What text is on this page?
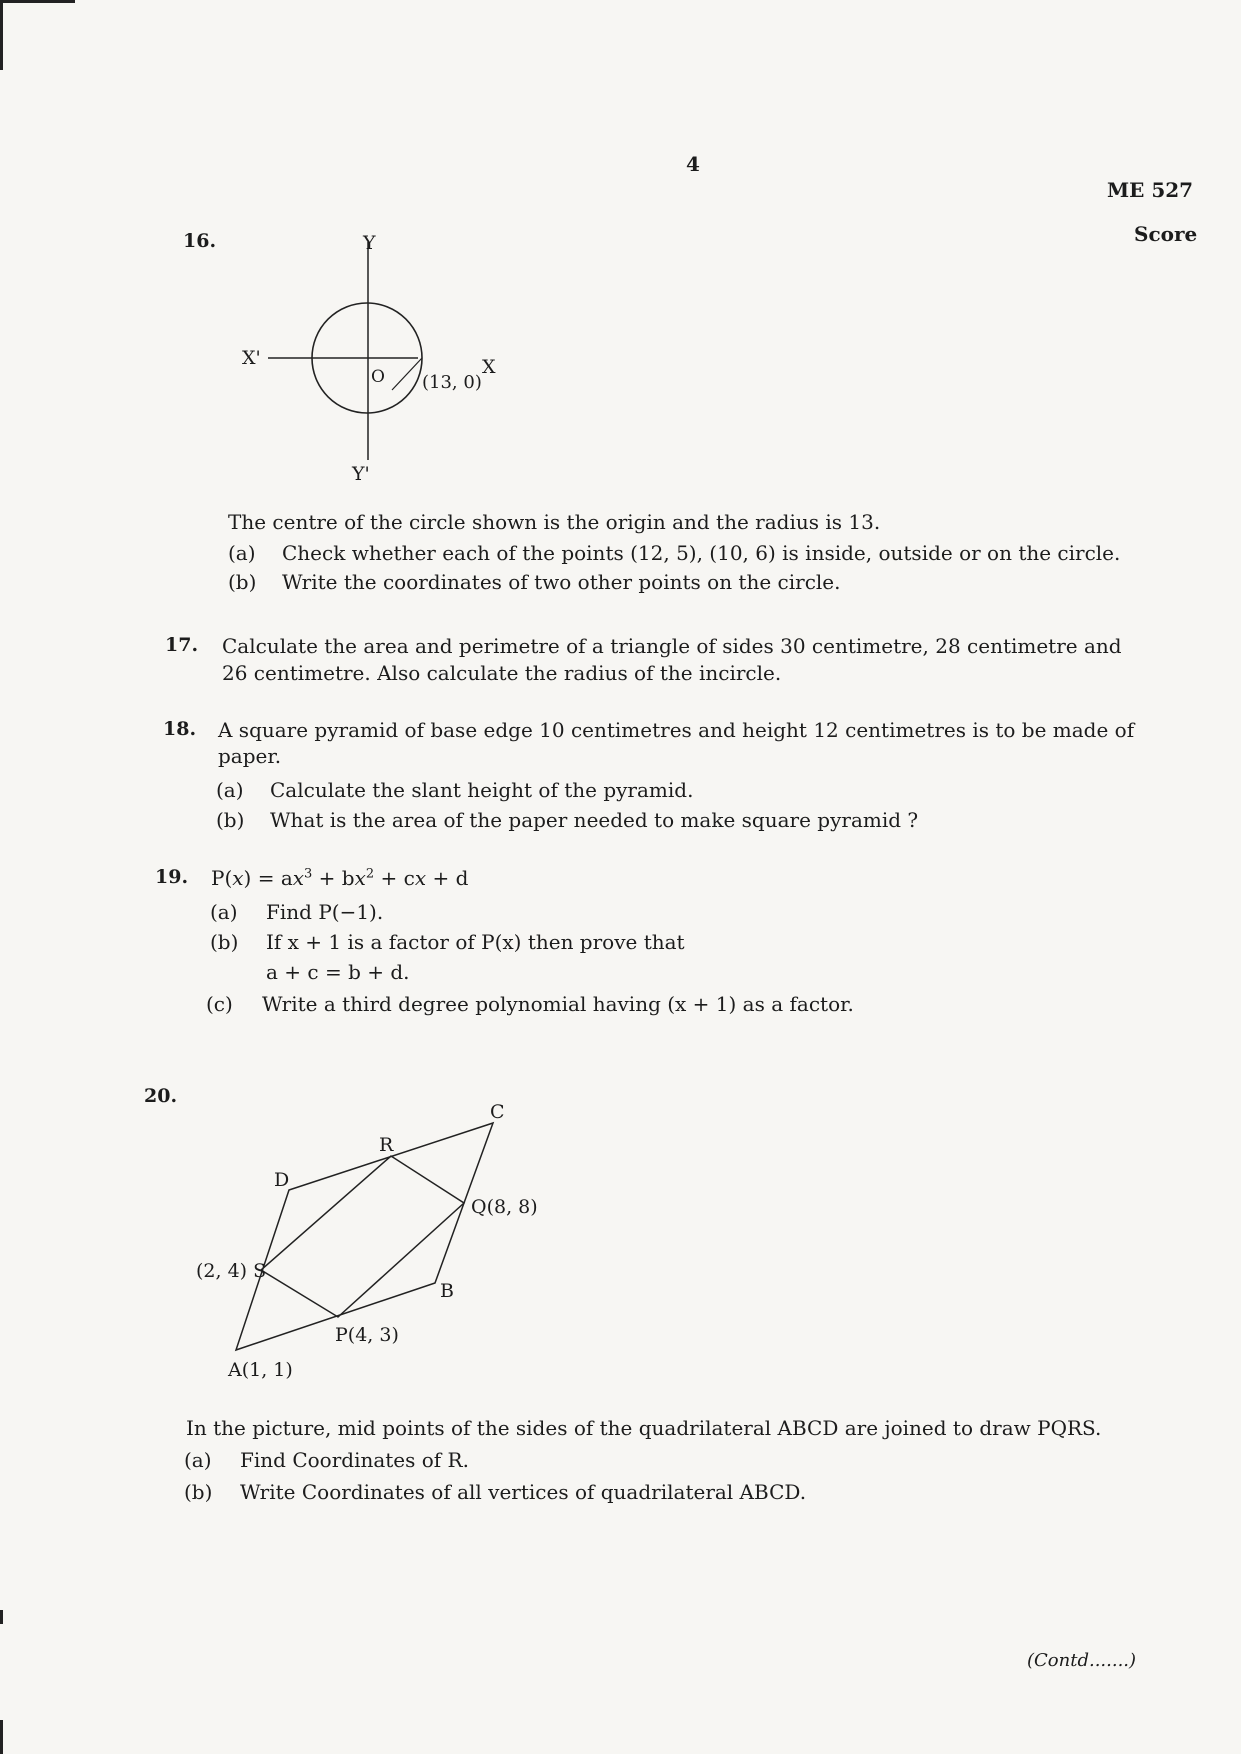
4
ME 527
Score
16.	Y
Y'
X'	X
O (13, 0)
The centre of the circle shown is the origin and the radius is 13.
(a) Check whether each of the points (12, 5), (10, 6) is inside, outside or on the circle.
(b) Write the coordinates of two other points on the circle.
17. Calculate the area and perimetre of a triangle of sides 30 centimetre, 28 centimetre and
26 centimetre. Also calculate the radius of the incircle.
18. A square pyramid of base edge 10 centimetres and height 12 centimetres is to be made of
paper.
(a) Calculate the slant height of the pyramid.
(b) What is the area of the paper needed to make square pyramid ?
19. $P(x) = ax^3 + bx^2$ + cx + d
(a) Find P(−1).
(b) If x + 1 is a factor of P(x) then prove that
a + c = b + d.
(c) Write a third degree polynomial having (x + 1) as a factor.
20.
C
R
D
Q(8, 8)
(2, 4) S
B
P(4, 3)
A(1, 1)
In the picture, mid points of the sides of the quadrilateral ABCD are joined to draw PQRS.
(a) Find Coordinates of R.
(b) Write Coordinates of all vertices of quadrilateral ABCD.
(Contd.......)
